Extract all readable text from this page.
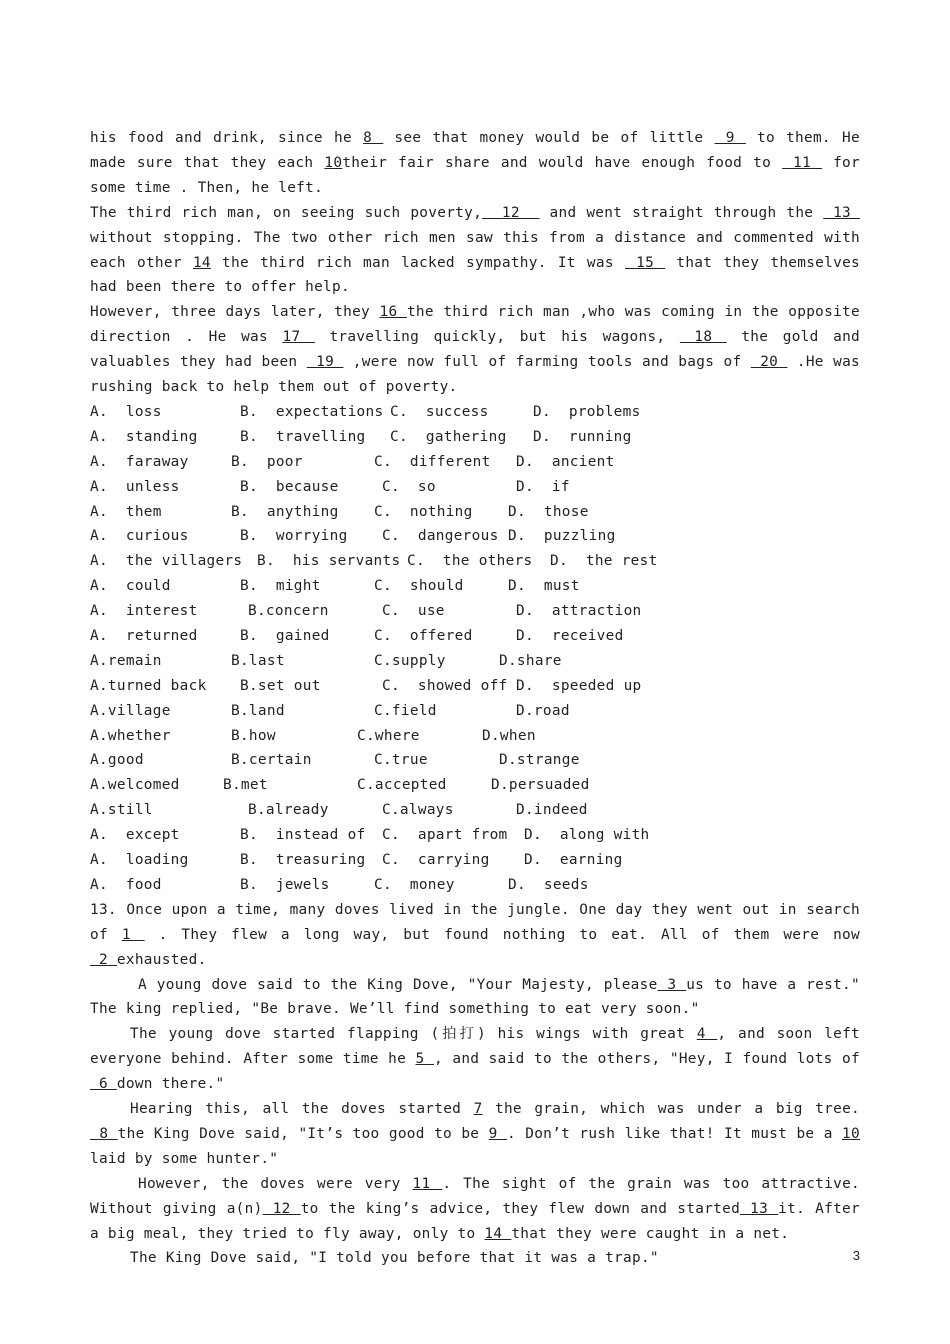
his food and drink, since he 8  see that money would be of little  9  to them. He made sure that they each 10their fair share and would have enough food to  11  for some time . Then, he left.

The third rich man, on seeing such poverty,  12   and went straight through the  13  without stopping. The two other rich men saw this from a distance and commented with each other 14 the third rich man lacked sympathy. It was  15  that they themselves had been there to offer help.

However, three days later, they 16 the third rich man ,who was coming in the opposite direction . He was 17  travelling quickly, but his wagons,  18  the gold and valuables they had been  19  ,were now full of farming tools and bags of  20  .He was rushing back to help them out of poverty.

A.  loss	B.  expectations C.  success	D.  problems
A.  standing	B.  travelling C.  gathering D.  running
A.  faraway	B.  poor	C.  different D.  ancient
A.  unless	B.  because	C.  so	D.  if
A.  them	B.  anything C.  nothing D.  those
A.  curious	B.  worrying C.  dangerous D.  puzzling
A.  the villagers B.  his servants C.  the others D.  the rest
A.  could	B.  might	C.  should	D.  must
A.  interest	B.concern	C.  use	D.  attraction
A.  returned	B.  gained	C.  offered	D.  received
A.remain	B.last	C.supply	D.share
A.turned back B.set out	C.  showed off D.  speeded up
A.village	B.land	C.field	D.road
A.whether	B.how	C.where	D.when
A.good	B.certain	C.true	D.strange
A.welcomed	B.met	C.accepted	D.persuaded
A.still	B.already	C.always	D.indeed
A.  except	B.  instead of C.  apart from D.  along with
A.  loading	B.  treasuring C.  carrying D.  earning
A.  food	B.  jewels	C.  money	D.  seeds

13. Once upon a time, many doves lived in the jungle. One day they went out in search of 1  . They flew a long way, but found nothing to eat. All of them were now 2 exhausted.

A young dove said to the King Dove, "Your Majesty, please 3 us to have a rest." The king replied, "Be brave. We’ll find something to eat very soon."

The young dove started flapping (拍打) his wings with great 4 , and soon left everyone behind. After some time he 5 , and said to the others, "Hey, I found lots of 6 down there."

Hearing this, all the doves started 7 the grain, which was under a big tree. 8 the King Dove said, "It’s too good to be 9 . Don’t rush like that! It must be a 10 laid by some hunter."

However, the doves were very 11 . The sight of the grain was too attractive. Without giving a(n) 12 to the king’s advice, they flew down and started 13 it. After a big meal, they tried to fly away, only to 14 that they were caught in a net.

The King Dove said, "I told you before that it was a trap."	3
